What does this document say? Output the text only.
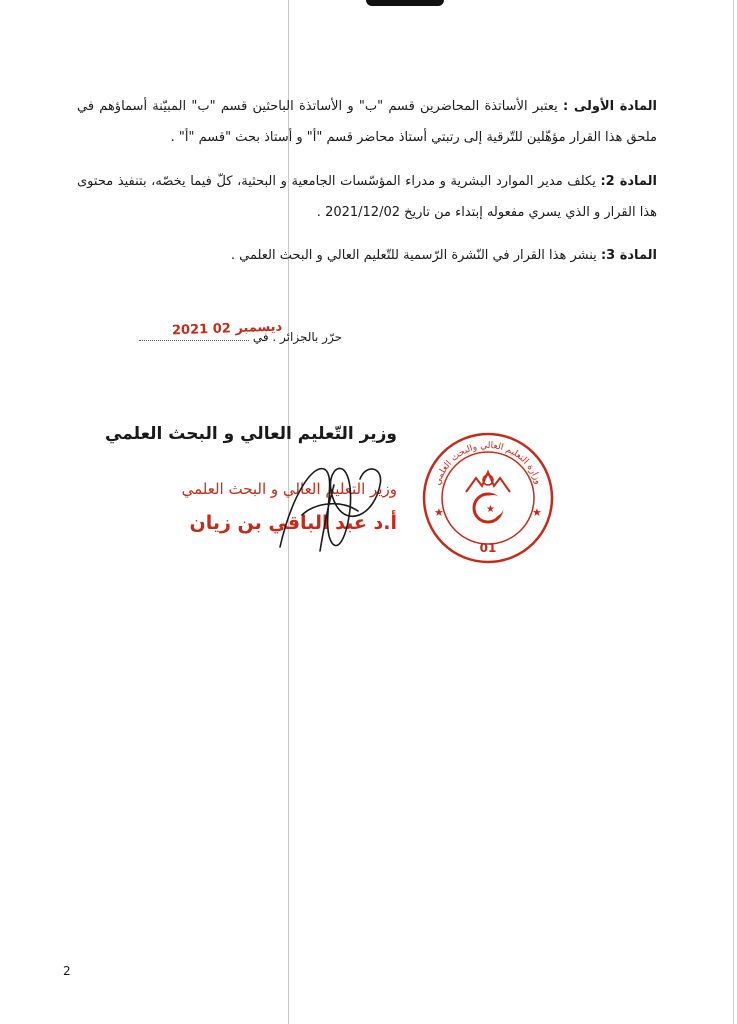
المادة الأولى : يعتبر الأساتذة المحاضرين قسم "ب" و الأساتذة الباحثين قسم "ب" المبيّنة أسماؤهم في ملحق هذا القرار مؤهّلين للتّرقية إلى رتبتي أستاذ محاضر قسم "أ" و أستاذ بحث "قسم "أ" .

المادة 2: يكلف مدير الموارد البشرية و مدراء المؤسّسات الجامعية و البحثية، كلّ فيما يخصّه، بتنفيذ محتوى هذا القرار و الذي يسري مفعوله إبتداء من تاريخ 2021/12/02 .

المادة 3: ينشر هذا القرار في النّشرة الرّسمية للتّعليم العالي و البحث العلمي .

حرّر بالجزائر . في
2021 ديسمبر 02
وزير التّعليم العالي و البحث العلمي
وزير التعليم العالي و البحث العلمي
أ.د عبد الباقي بن زيان
وزارة التعليم العالي والبحث العلمي
★	★
★
01
2
